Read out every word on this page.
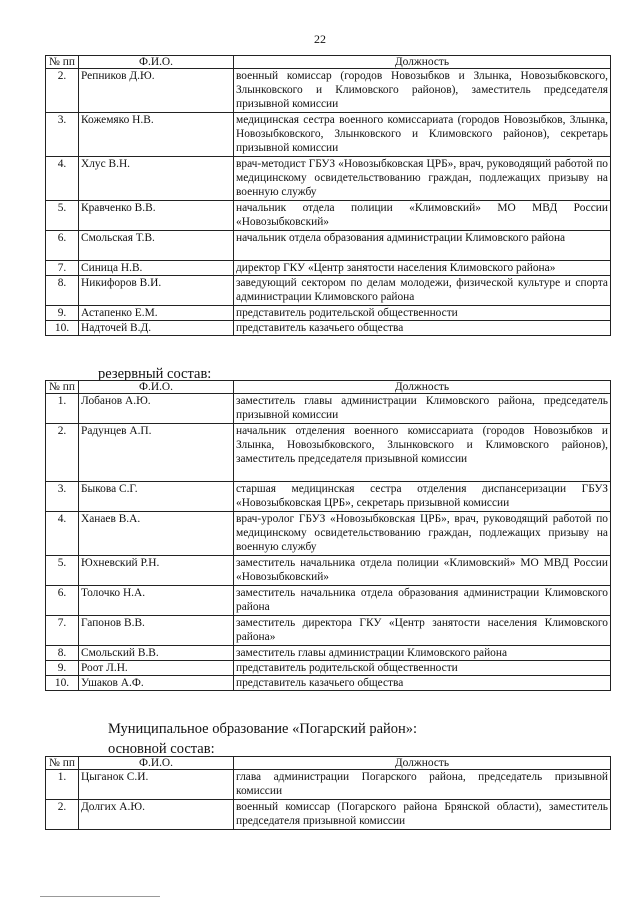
22
№ пп	Ф.И.О.	Должность
2.	Репников Д.Ю.	военный комиссар (городов Новозыбков и Злынка, Новозыбковского, Злынковского и Климовского районов), заместитель председателя призывной комиссии
3.	Кожемяко Н.В.	медицинская сестра военного комиссариата (городов Новозыбков, Злынка, Новозыбковского, Злынковского и Климовского районов), секретарь призывной комиссии
4.	Хлус В.Н.	врач-методист ГБУЗ «Новозыбковская ЦРБ», врач, руководящий работой по медицинскому освидетельствованию граждан, подлежащих призыву на военную службу
5.	Кравченко В.В.	начальник отдела полиции «Климовский» МО МВД России «Новозыбковский»
6.	Смольская Т.В.	начальник отдела образования администрации Климовского района
7.	Синица Н.В.	директор ГКУ «Центр занятости населения Климовского района»
8.	Никифоров В.И.	заведующий сектором по делам молодежи, физической культуре и спорта администрации Климовского района
9.	Астапенко Е.М.	представитель родительской общественности
10.	Надточей В.Д.	представитель казачьего общества
резервный состав:
№ пп	Ф.И.О.	Должность
1.	Лобанов А.Ю.	заместитель главы администрации Климовского района, председатель призывной комиссии
2.	Радунцев А.П.	начальник отделения военного комиссариата (городов Новозыбков и Злынка, Новозыбковского, Злынковского и Климовского районов), заместитель председателя призывной комиссии
3.	Быкова С.Г.	старшая медицинская сестра отделения диспансеризации ГБУЗ «Новозыбковская ЦРБ», секретарь призывной комиссии
4.	Ханаев В.А.	врач-уролог ГБУЗ «Новозыбковская ЦРБ», врач, руководящий работой по медицинскому освидетельствованию граждан, подлежащих призыву на военную службу
5.	Юхневский Р.Н.	заместитель начальника отдела полиции «Климовский» МО МВД России «Новозыбковский»
6.	Толочко Н.А.	заместитель начальника отдела образования администрации Климовского района
7.	Гапонов В.В.	заместитель директора ГКУ «Центр занятости населения Климовского района»
8.	Смольский В.В.	заместитель главы администрации Климовского района
9.	Роот Л.Н.	представитель родительской общественности
10.	Ушаков А.Ф.	представитель казачьего общества
Муниципальное образование «Погарский район»:
основной состав:
№ пп	Ф.И.О.	Должность
1.	Цыганок С.И.	глава администрации Погарского района, председатель призывной комиссии
2.	Долгих А.Ю.	военный комиссар (Погарского района Брянской области), заместитель председателя призывной комиссии
